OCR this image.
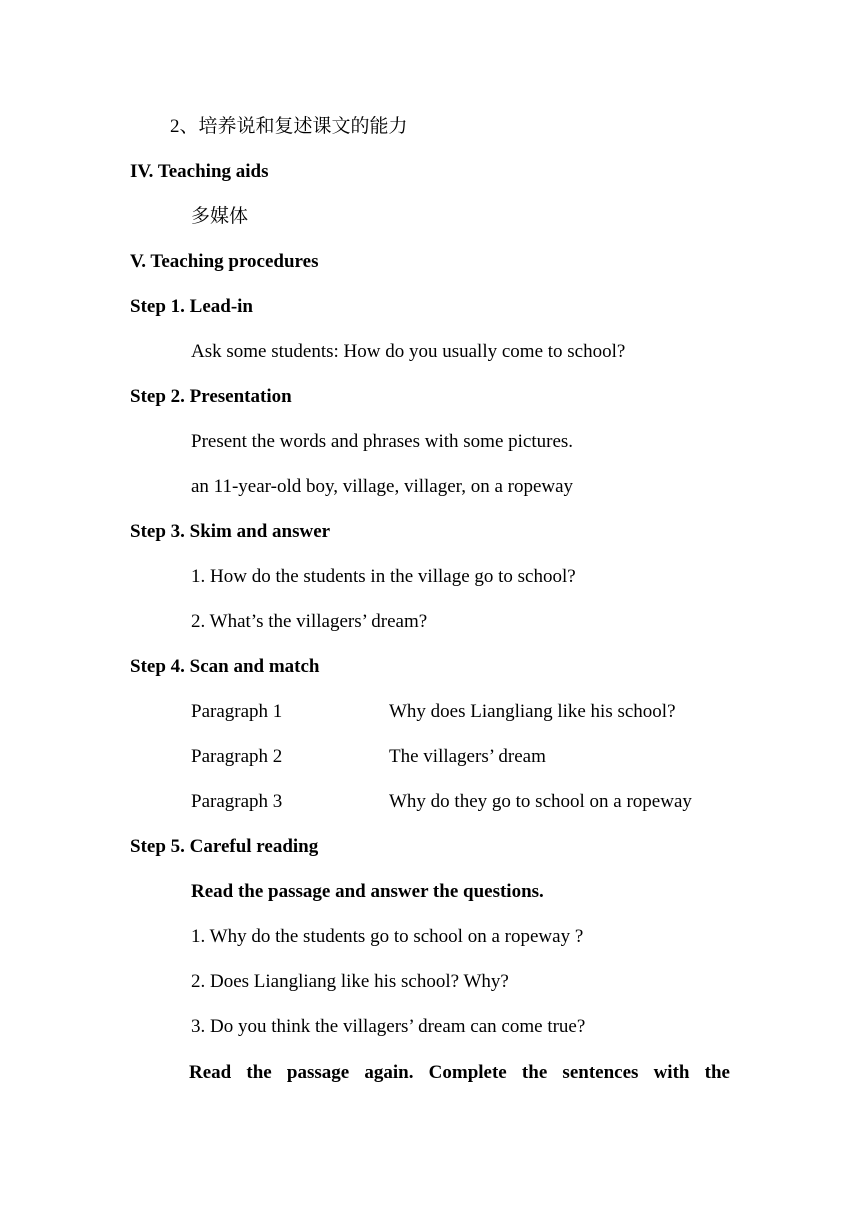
2、培养说和复述课文的能力
IV. Teaching aids
多媒体
V. Teaching procedures
Step 1. Lead-in
Ask some students: How do you usually come to school?
Step 2. Presentation
Present the words and phrases with some pictures.
an 11-year-old boy, village, villager, on a ropeway
Step 3. Skim and answer
1. How do the students in the village go to school?
2. What’s the villagers’ dream?
Step 4. Scan and match
Paragraph 1	Why does Liangliang like his school?
Paragraph 2	The villagers’ dream
Paragraph 3	Why do they go to school on a ropeway
Step 5. Careful reading
Read the passage and answer the questions.
1. Why do the students go to school on a ropeway ?
2. Does Liangliang like his school? Why?
3. Do you think the villagers’ dream can come true?
Read the passage again. Complete the sentences with the
